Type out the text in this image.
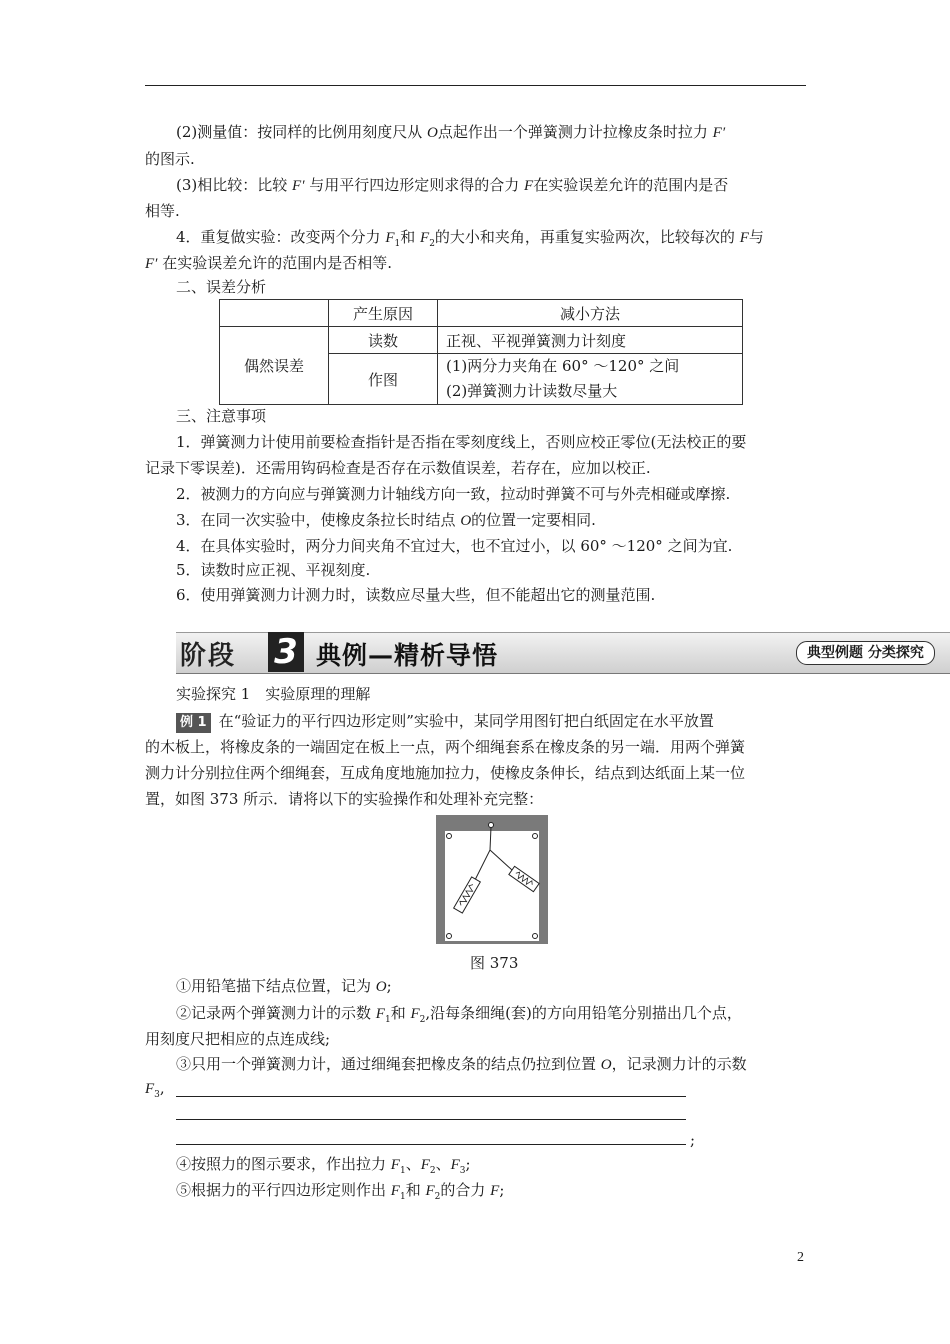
(2)测量值：按同样的比例用刻度尺从 O点起作出一个弹簧测力计拉橡皮条时拉力 F′
的图示.
(3)相比较：比较 F′ 与用平行四边形定则求得的合力 F在实验误差允许的范围内是否
相等.
4．重复做实验：改变两个分力 $F_1$和 $F_2$的大小和夹角，再重复实验两次，比较每次的 F与
F′ 在实验误差允许的范围内是否相等.
二、误差分析
	产生原因	减小方法
偶然误差	读数	正视、平视弹簧测力计刻度
	作图	(1)两分力夹角在 60° ～120° 之间
(2)弹簧测力计读数尽量大
三、注意事项
1．弹簧测力计使用前要检查指针是否指在零刻度线上，否则应校正零位(无法校正的要
记录下零误差)．还需用钩码检查是否存在示数值误差，若存在，应加以校正.
2．被测力的方向应与弹簧测力计轴线方向一致，拉动时弹簧不可与外壳相碰或摩擦.
3．在同一次实验中，使橡皮条拉长时结点 O的位置一定要相同.
4．在具体实验时，两分力间夹角不宜过大，也不宜过小，以 60° ～120° 之间为宜.
5．读数时应正视、平视刻度.
6．使用弹簧测力计测力时，读数应尽量大些，但不能超出它的测量范围.
阶段 3 典例—精析导悟	典型例题 分类探究
实验探究 1　实验原理的理解
例 1 在“验证力的平行四边形定则”实验中，某同学用图钉把白纸固定在水平放置
的木板上，将橡皮条的一端固定在板上一点，两个细绳套系在橡皮条的另一端．用两个弹簧
测力计分别拉住两个细绳套，互成角度地施加拉力，使橡皮条伸长，结点到达纸面上某一位
置，如图 373 所示．请将以下的实验操作和处理补充完整：
图 373
①用铅笔描下结点位置，记为 O;
②记录两个弹簧测力计的示数 $F_1$和 $F_2$,沿每条细绳(套)的方向用铅笔分别描出几个点，
用刻度尺把相应的点连成线;
③只用一个弹簧测力计，通过细绳套把橡皮条的结点仍拉到位置 O，记录测力计的示数
$F_3$,
;
④按照力的图示要求，作出拉力 $F_1$、$F_2$、$F_3$;
⑤根据力的平行四边形定则作出 $F_1$和 $F_2$的合力 F;
2
